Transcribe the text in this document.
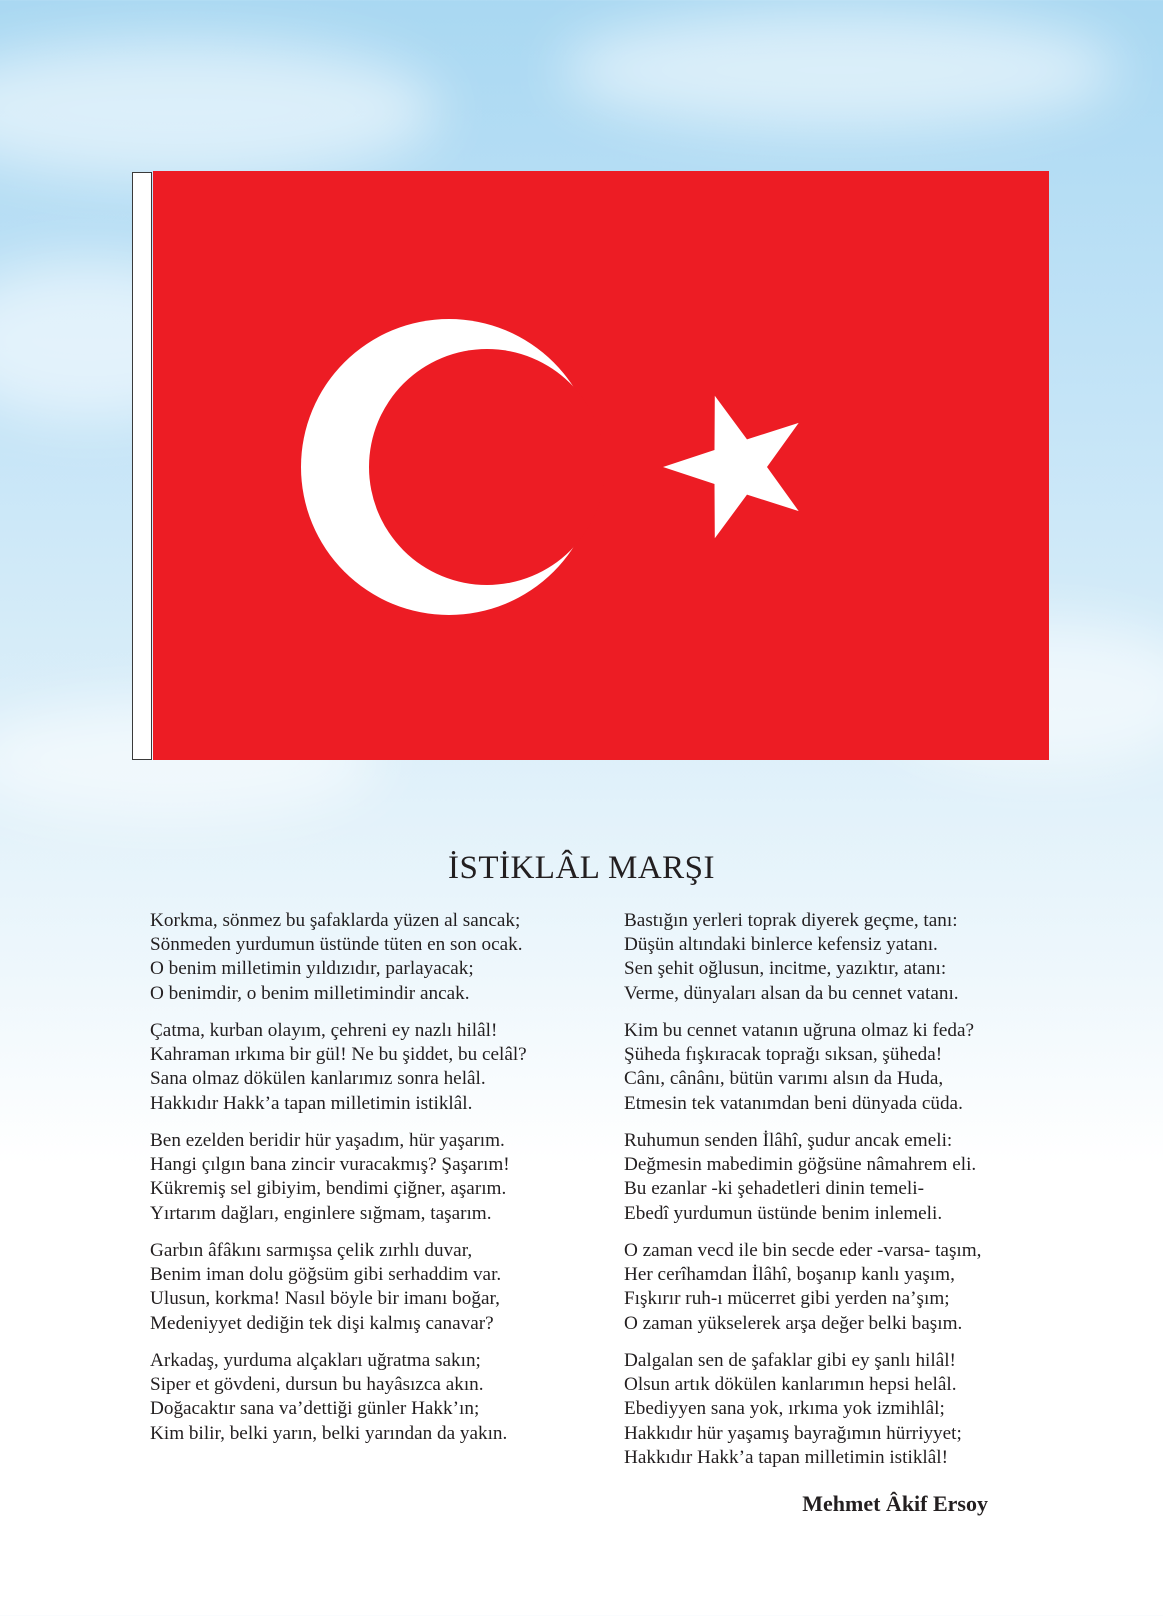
İSTİKLÂL MARŞI
Korkma, sönmez bu şafaklarda yüzen al sancak;
Sönmeden yurdumun üstünde tüten en son ocak.
O benim milletimin yıldızıdır, parlayacak;
O benimdir, o benim milletimindir ancak.
Çatma, kurban olayım, çehreni ey nazlı hilâl!
Kahraman ırkıma bir gül! Ne bu şiddet, bu celâl?
Sana olmaz dökülen kanlarımız sonra helâl.
Hakkıdır Hakk’a tapan milletimin istiklâl.
Ben ezelden beridir hür yaşadım, hür yaşarım.
Hangi çılgın bana zincir vuracakmış? Şaşarım!
Kükremiş sel gibiyim, bendimi çiğner, aşarım.
Yırtarım dağları, enginlere sığmam, taşarım.
Garbın âfâkını sarmışsa çelik zırhlı duvar,
Benim iman dolu göğsüm gibi serhaddim var.
Ulusun, korkma! Nasıl böyle bir imanı boğar,
Medeniyyet dediğin tek dişi kalmış canavar?
Arkadaş, yurduma alçakları uğratma sakın;
Siper et gövdeni, dursun bu hayâsızca akın.
Doğacaktır sana va’dettiği günler Hakk’ın;
Kim bilir, belki yarın, belki yarından da yakın.
Bastığın yerleri toprak diyerek geçme, tanı:
Düşün altındaki binlerce kefensiz yatanı.
Sen şehit oğlusun, incitme, yazıktır, atanı:
Verme, dünyaları alsan da bu cennet vatanı.
Kim bu cennet vatanın uğruna olmaz ki feda?
Şüheda fışkıracak toprağı sıksan, şüheda!
Cânı, cânânı, bütün varımı alsın da Huda,
Etmesin tek vatanımdan beni dünyada cüda.
Ruhumun senden İlâhî, şudur ancak emeli:
Değmesin mabedimin göğsüne nâmahrem eli.
Bu ezanlar -ki şehadetleri dinin temeli-
Ebedî yurdumun üstünde benim inlemeli.
O zaman vecd ile bin secde eder -varsa- taşım,
Her cerîhamdan İlâhî, boşanıp kanlı yaşım,
Fışkırır ruh-ı mücerret gibi yerden na’şım;
O zaman yükselerek arşa değer belki başım.
Dalgalan sen de şafaklar gibi ey şanlı hilâl!
Olsun artık dökülen kanlarımın hepsi helâl.
Ebediyyen sana yok, ırkıma yok izmihlâl;
Hakkıdır hür yaşamış bayrağımın hürriyyet;
Hakkıdır Hakk’a tapan milletimin istiklâl!
Mehmet Âkif Ersoy
